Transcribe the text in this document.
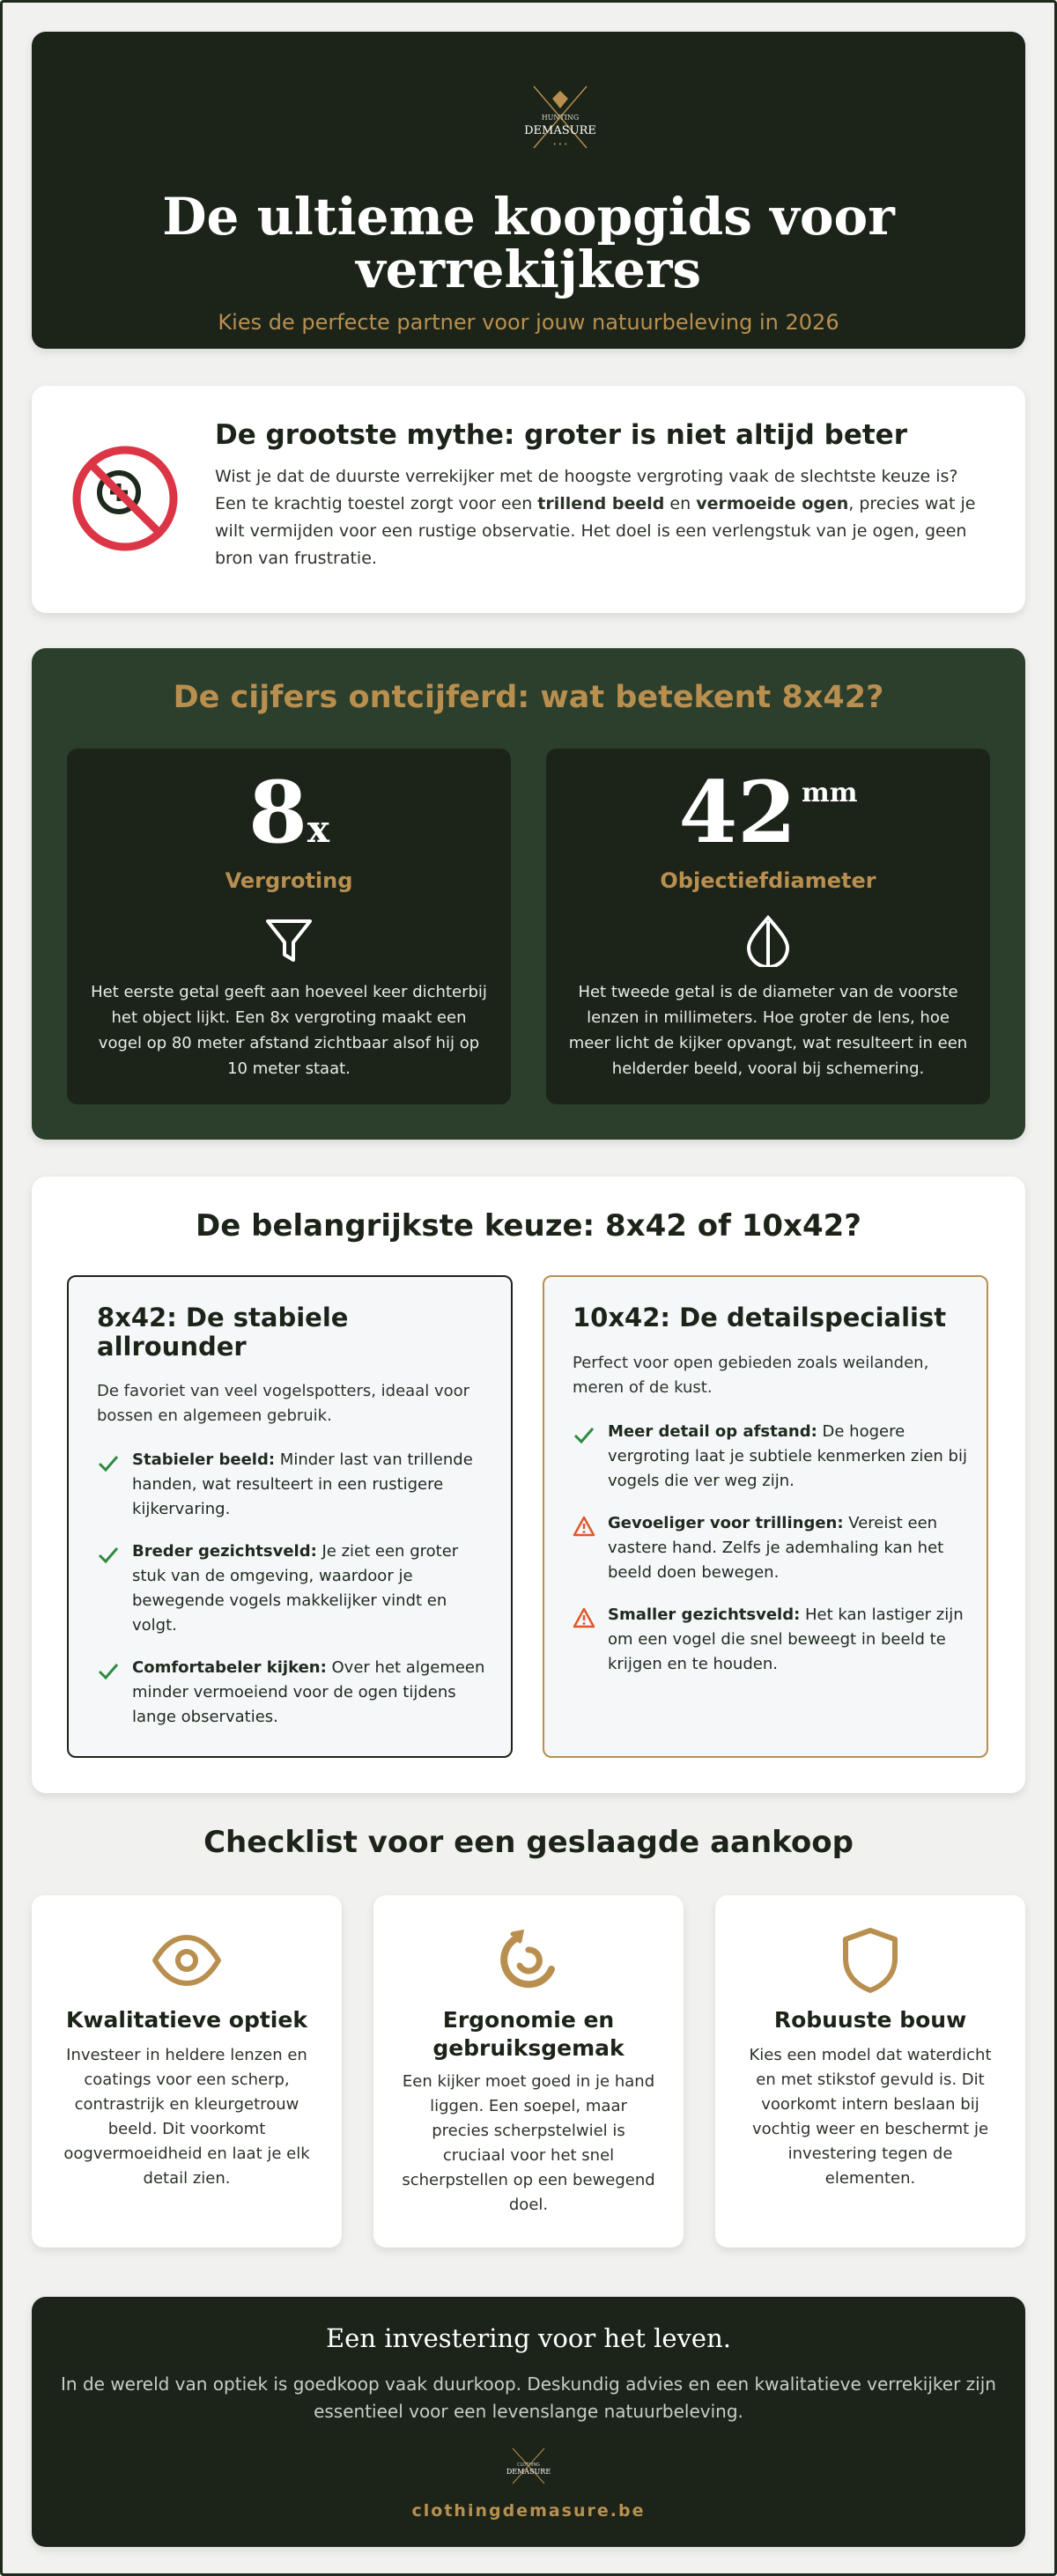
HUNTING
DEMASURE
• • •
De ultieme koopgids voor
verrekijkers
Kies de perfecte partner voor jouw natuurbeleving in 2026
De grootste mythe: groter is niet altijd beter

Wist je dat de duurste verrekijker met de hoogste vergroting vaak de slechtste keuze is? Een te krachtig toestel zorgt voor een trillend beeld en vermoeide ogen, precies wat je wilt vermijden voor een rustige observatie. Het doel is een verlengstuk van je ogen, geen bron van frustratie.

De cijfers ontcijferd: wat betekent 8x42?
8x
Vergroting

Het eerste getal geeft aan hoeveel keer dichterbij het object lijkt. Een 8x vergroting maakt een vogel op 80 meter afstand zichtbaar alsof hij op 10 meter staat.

42 mm
Objectiefdiameter

Het tweede getal is de diameter van de voorste lenzen in millimeters. Hoe groter de lens, hoe meer licht de kijker opvangt, wat resulteert in een helderder beeld, vooral bij schemering.

De belangrijkste keuze: 8x42 of 10x42?
8x42: De stabiele allrounder

De favoriet van veel vogelspotters, ideaal voor bossen en algemeen gebruik.

Stabieler beeld: Minder last van trillende handen, wat resulteert in een rustigere kijkervaring.
Breder gezichtsveld: Je ziet een groter stuk van de omgeving, waardoor je bewegende vogels makkelijker vindt en volgt.
Comfortabeler kijken: Over het algemeen minder vermoeiend voor de ogen tijdens lange observaties.
10x42: De detailspecialist

Perfect voor open gebieden zoals weilanden, meren of de kust.

Meer detail op afstand: De hogere vergroting laat je subtiele kenmerken zien bij vogels die ver weg zijn.
Gevoeliger voor trillingen: Vereist een vastere hand. Zelfs je ademhaling kan het beeld doen bewegen.
Smaller gezichtsveld: Het kan lastiger zijn om een vogel die snel beweegt in beeld te krijgen en te houden.
Checklist voor een geslaagde aankoop
Kwalitatieve optiek

Investeer in heldere lenzen en coatings voor een scherp, contrastrijk en kleurgetrouw beeld. Dit voorkomt oogvermoeidheid en laat je elk detail zien.

Ergonomie en gebruiksgemak

Een kijker moet goed in je hand liggen. Een soepel, maar precies scherpstelwiel is cruciaal voor het snel scherpstellen op een bewegend doel.

Robuuste bouw

Kies een model dat waterdicht en met stikstof gevuld is. Dit voorkomt intern beslaan bij vochtig weer en beschermt je investering tegen de elementen.

Een investering voor het leven.

In de wereld van optiek is goedkoop vaak duurkoop. Deskundig advies en een kwalitatieve verrekijker zijn essentieel voor een levenslange natuurbeleving.

CLOTHING
DEMASURE
clothingdemasure.be
